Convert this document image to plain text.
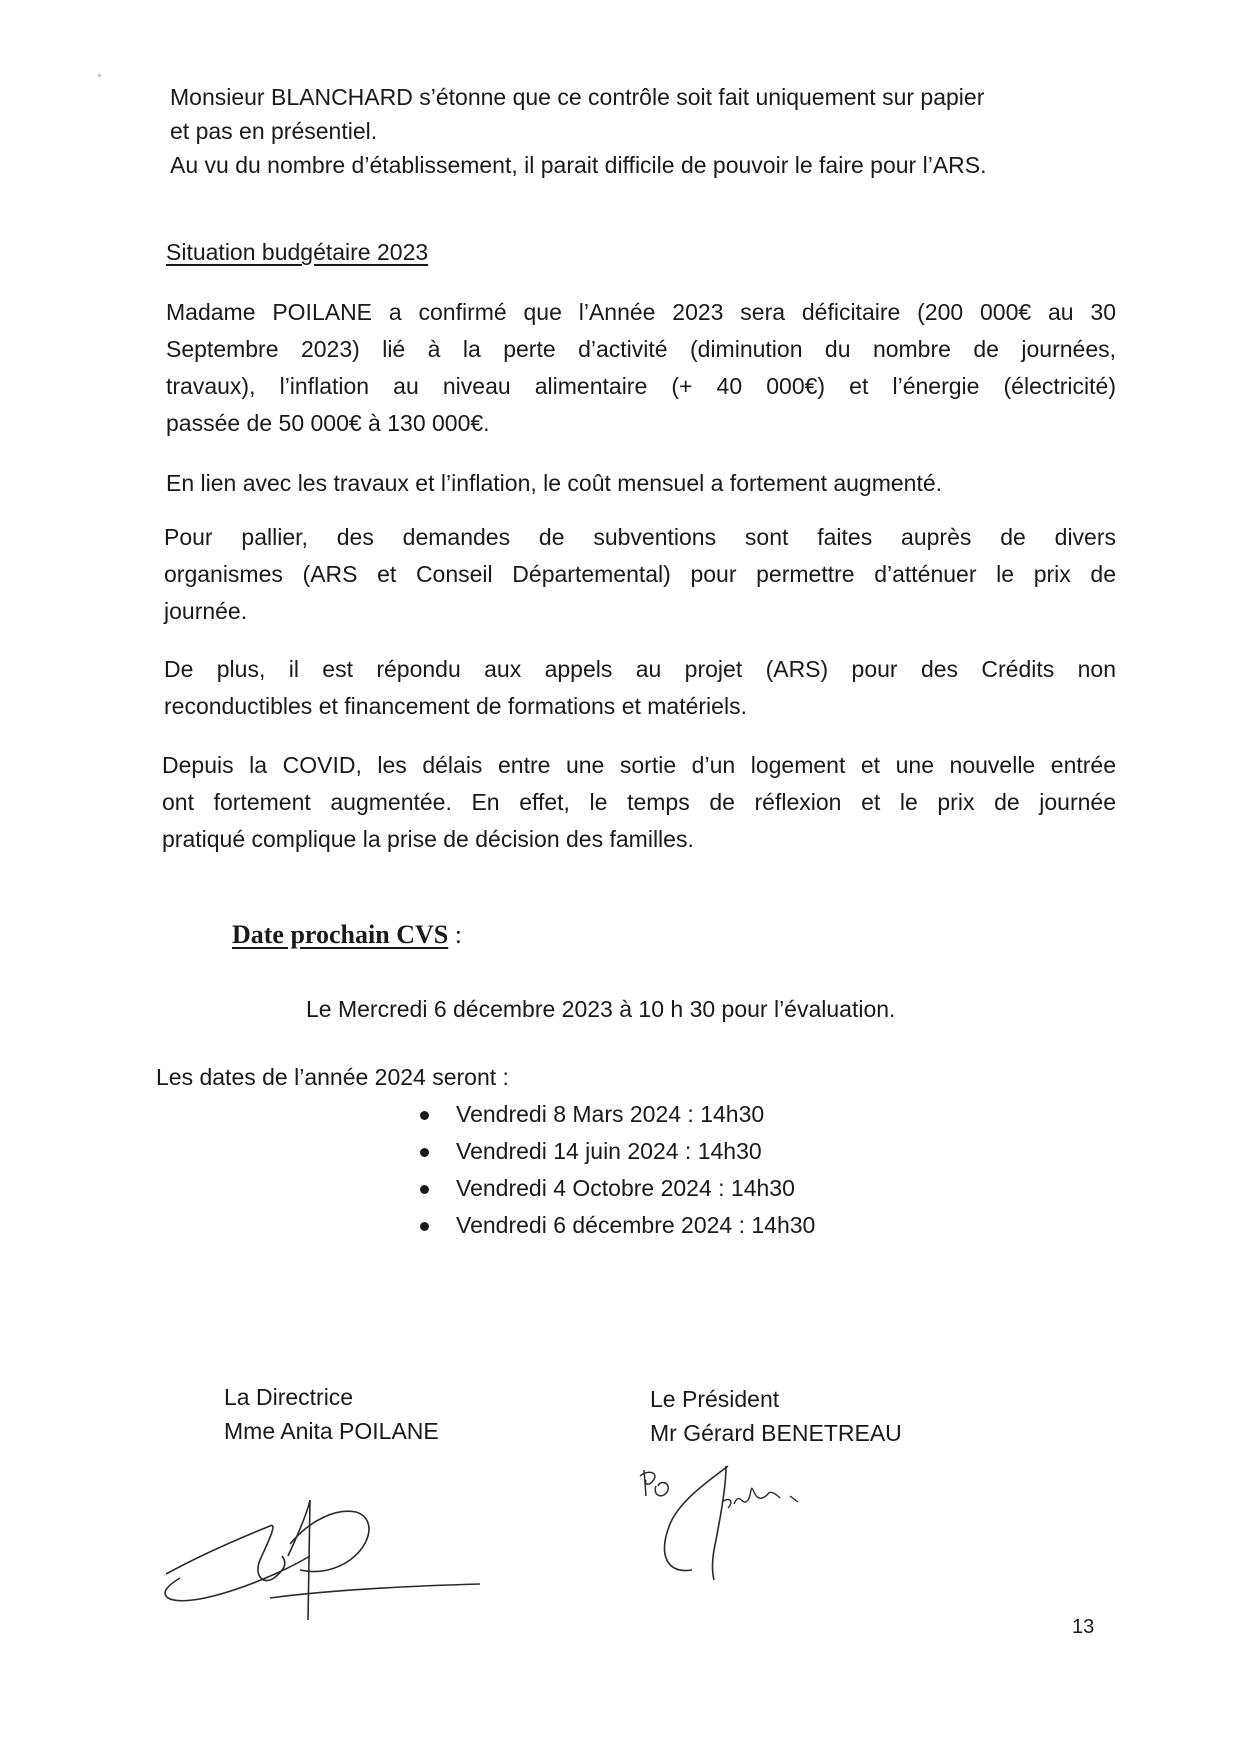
Monsieur BLANCHARD s’étonne que ce contrôle soit fait uniquement sur papier

et pas en présentiel.

Au vu du nombre d’établissement, il parait difficile de pouvoir le faire pour l’ARS.

Situation budgétaire 2023

Madame POILANE a confirmé que l’Année 2023 sera déficitaire (200 000€ au 30

Septembre 2023) lié à la perte d’activité (diminution du nombre de journées,

travaux), l’inflation au niveau alimentaire (+ 40 000€) et l’énergie (électricité)

passée de 50 000€ à 130 000€.

En lien avec les travaux et l’inflation, le coût mensuel a fortement augmenté.

Pour pallier, des demandes de subventions sont faites auprès de divers

organismes (ARS et Conseil Départemental) pour permettre d’atténuer le prix de

journée.

De plus, il est répondu aux appels au projet (ARS) pour des Crédits non

reconductibles et financement de formations et matériels.

Depuis la COVID, les délais entre une sortie d’un logement et une nouvelle entrée

ont fortement augmentée. En effet, le temps de réflexion et le prix de journée

pratiqué complique la prise de décision des familles.

Date prochain CVS :

Le Mercredi 6 décembre 2023 à 10 h 30 pour l’évaluation.

Les dates de l’année 2024 seront :

Vendredi 8 Mars 2024 : 14h30
Vendredi 14 juin 2024 : 14h30
Vendredi 4 Octobre 2024 : 14h30
Vendredi 6 décembre 2024 : 14h30

La Directrice

Mme Anita POILANE

Le Président

Mr Gérard BENETREAU

13
